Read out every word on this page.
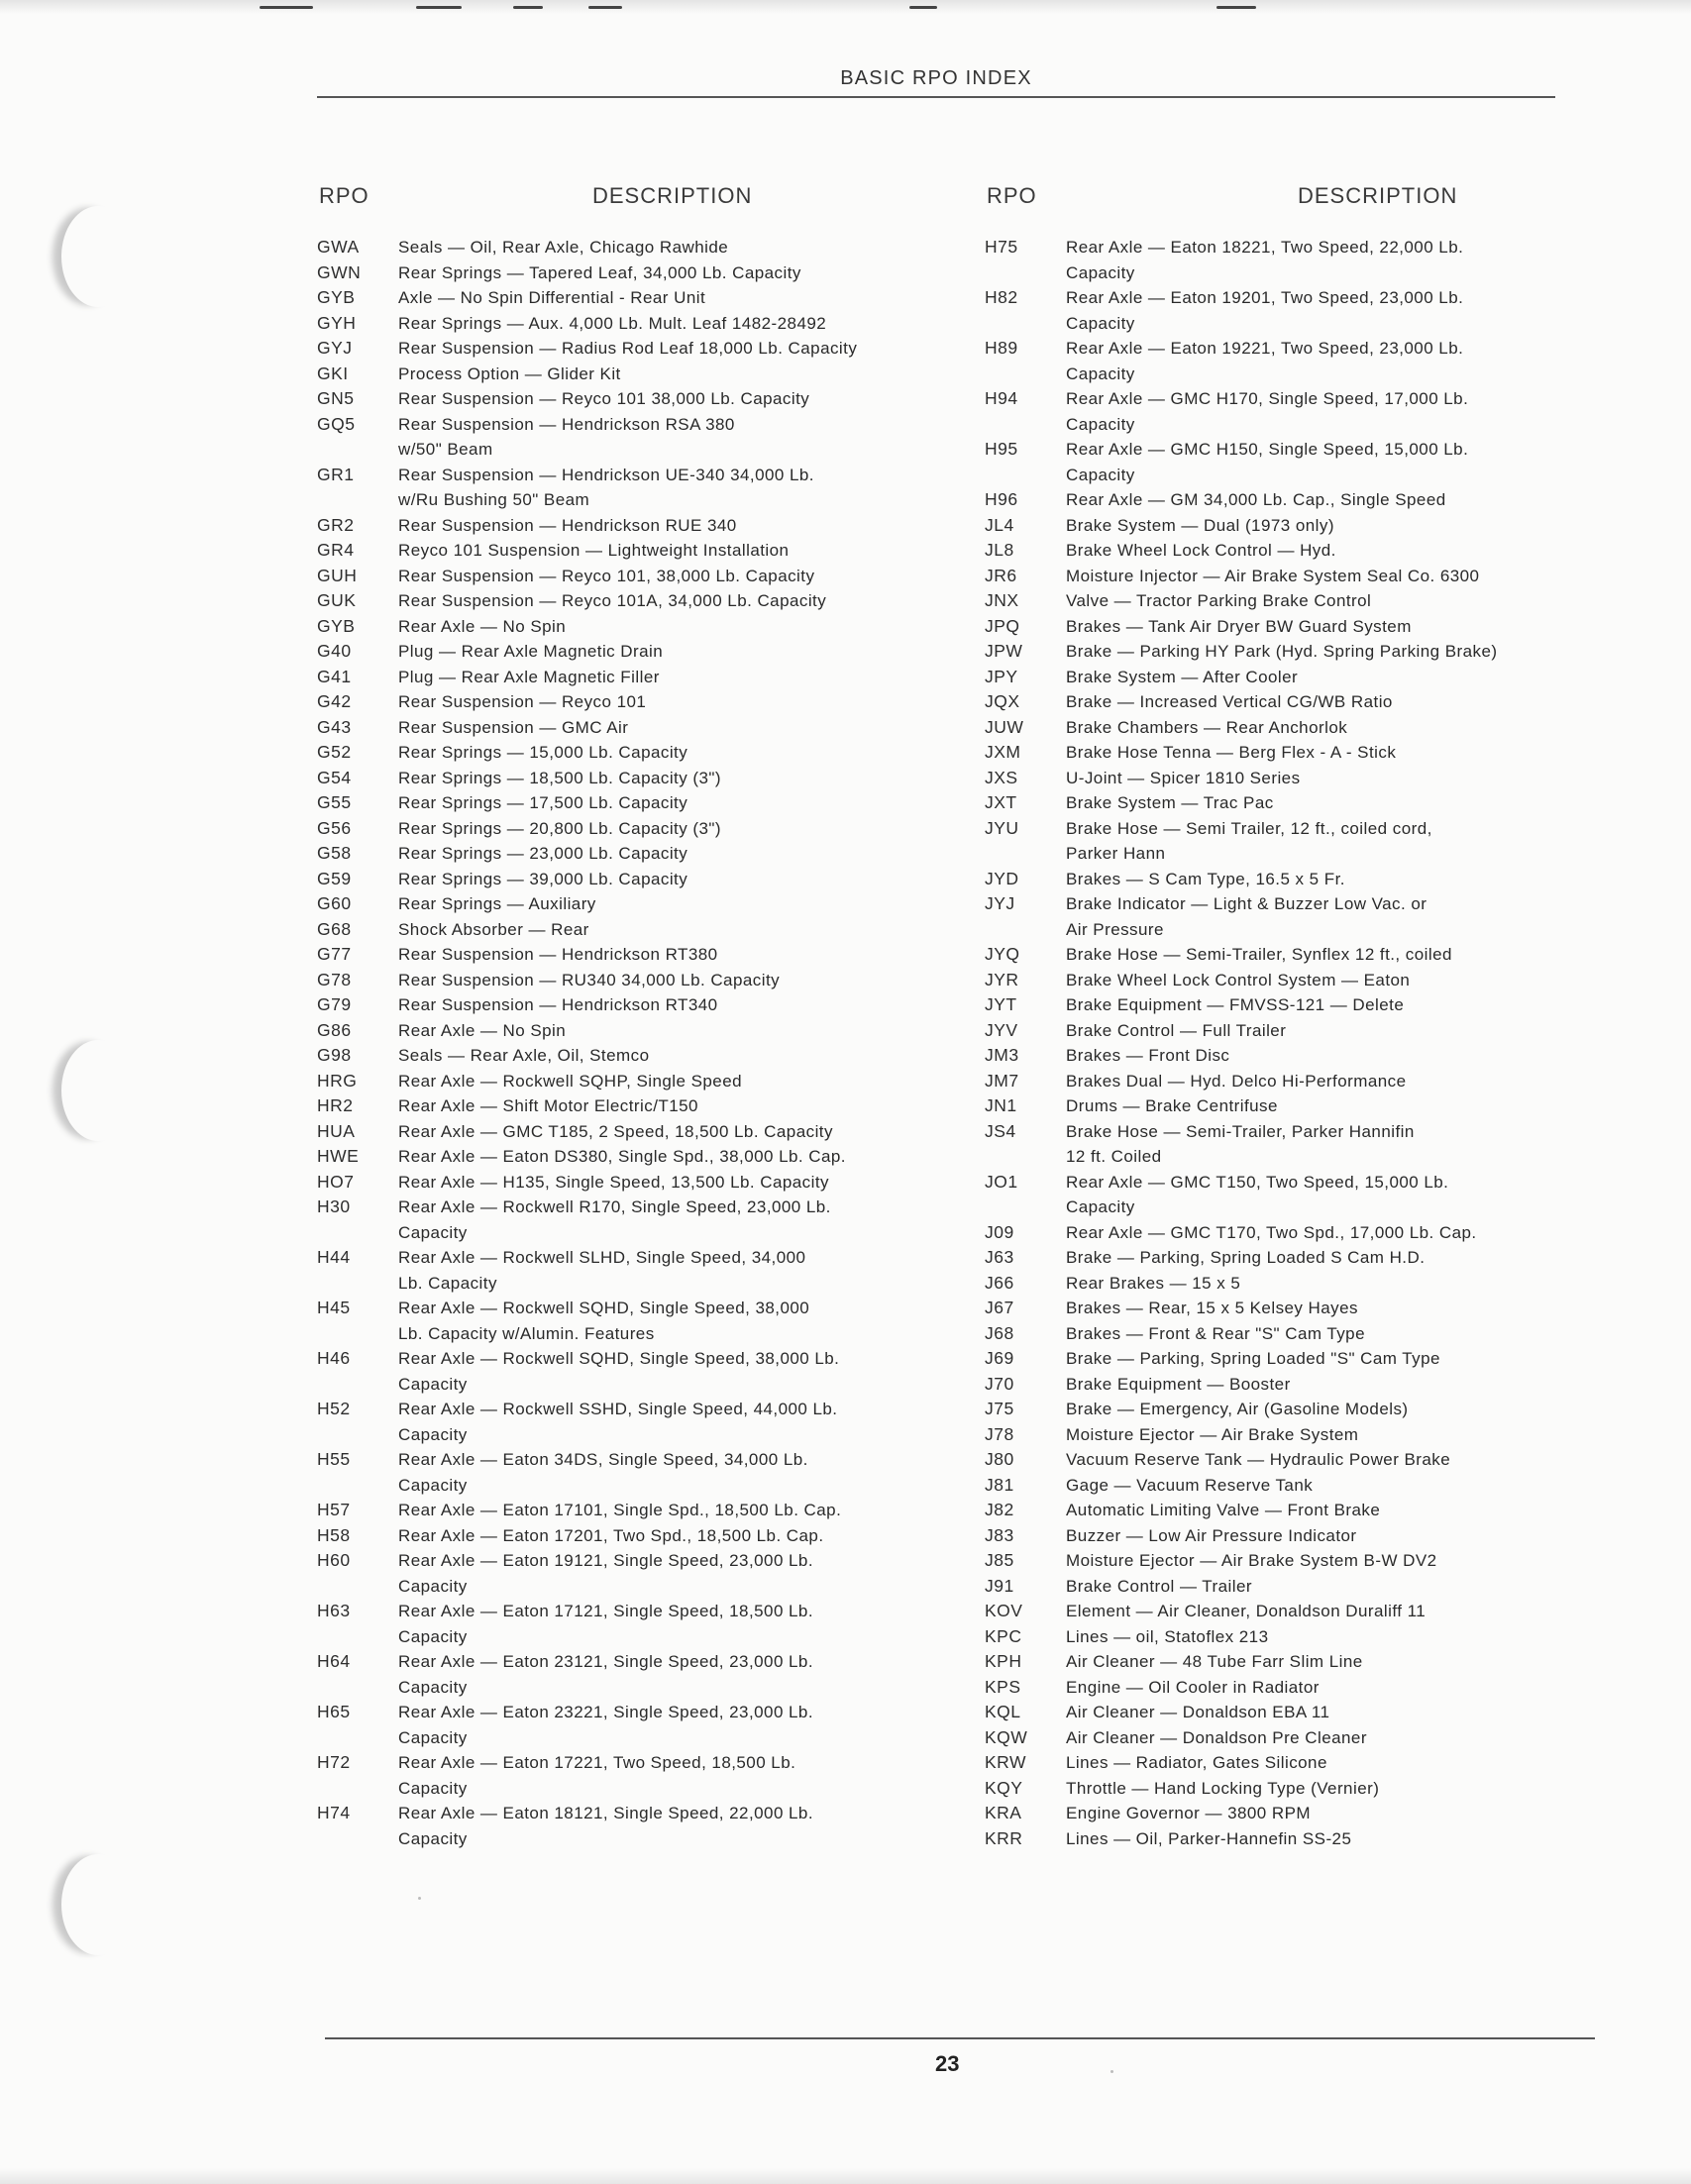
BASIC RPO INDEX
RPO	DESCRIPTION	RPO	DESCRIPTION
GWA	Seals — Oil, Rear Axle, Chicago Rawhide
GWN	Rear Springs — Tapered Leaf, 34,000 Lb. Capacity
GYB	Axle — No Spin Differential - Rear Unit
GYH	Rear Springs — Aux. 4,000 Lb. Mult. Leaf 1482-28492
GYJ	Rear Suspension — Radius Rod Leaf 18,000 Lb. Capacity
GKI	Process Option — Glider Kit
GN5	Rear Suspension — Reyco 101 38,000 Lb. Capacity
GQ5	Rear Suspension — Hendrickson RSA 380
w/50" Beam
GR1	Rear Suspension — Hendrickson UE-340 34,000 Lb.
w/Ru Bushing 50" Beam
GR2	Rear Suspension — Hendrickson RUE 340
GR4	Reyco 101 Suspension — Lightweight Installation
GUH	Rear Suspension — Reyco 101, 38,000 Lb. Capacity
GUK	Rear Suspension — Reyco 101A, 34,000 Lb. Capacity
GYB	Rear Axle — No Spin
G40	Plug — Rear Axle Magnetic Drain
G41	Plug — Rear Axle Magnetic Filler
G42	Rear Suspension — Reyco 101
G43	Rear Suspension — GMC Air
G52	Rear Springs — 15,000 Lb. Capacity
G54	Rear Springs — 18,500 Lb. Capacity (3")
G55	Rear Springs — 17,500 Lb. Capacity
G56	Rear Springs — 20,800 Lb. Capacity (3")
G58	Rear Springs — 23,000 Lb. Capacity
G59	Rear Springs — 39,000 Lb. Capacity
G60	Rear Springs — Auxiliary
G68	Shock Absorber — Rear
G77	Rear Suspension — Hendrickson RT380
G78	Rear Suspension — RU340 34,000 Lb. Capacity
G79	Rear Suspension — Hendrickson RT340
G86	Rear Axle — No Spin
G98	Seals — Rear Axle, Oil, Stemco
HRG	Rear Axle — Rockwell SQHP, Single Speed
HR2	Rear Axle — Shift Motor Electric/T150
HUA	Rear Axle — GMC T185, 2 Speed, 18,500 Lb. Capacity
HWE	Rear Axle — Eaton DS380, Single Spd., 38,000 Lb. Cap.
HO7	Rear Axle — H135, Single Speed, 13,500 Lb. Capacity
H30	Rear Axle — Rockwell R170, Single Speed, 23,000 Lb.
Capacity
H44	Rear Axle — Rockwell SLHD, Single Speed, 34,000
Lb. Capacity
H45	Rear Axle — Rockwell SQHD, Single Speed, 38,000
Lb. Capacity w/Alumin. Features
H46	Rear Axle — Rockwell SQHD, Single Speed, 38,000 Lb.
Capacity
H52	Rear Axle — Rockwell SSHD, Single Speed, 44,000 Lb.
Capacity
H55	Rear Axle — Eaton 34DS, Single Speed, 34,000 Lb.
Capacity
H57	Rear Axle — Eaton 17101, Single Spd., 18,500 Lb. Cap.
H58	Rear Axle — Eaton 17201, Two Spd., 18,500 Lb. Cap.
H60	Rear Axle — Eaton 19121, Single Speed, 23,000 Lb.
Capacity
H63	Rear Axle — Eaton 17121, Single Speed, 18,500 Lb.
Capacity
H64	Rear Axle — Eaton 23121, Single Speed, 23,000 Lb.
Capacity
H65	Rear Axle — Eaton 23221, Single Speed, 23,000 Lb.
Capacity
H72	Rear Axle — Eaton 17221, Two Speed, 18,500 Lb.
Capacity
H74	Rear Axle — Eaton 18121, Single Speed, 22,000 Lb.
Capacity
H75	Rear Axle — Eaton 18221, Two Speed, 22,000 Lb.
Capacity
H82	Rear Axle — Eaton 19201, Two Speed, 23,000 Lb.
Capacity
H89	Rear Axle — Eaton 19221, Two Speed, 23,000 Lb.
Capacity
H94	Rear Axle — GMC H170, Single Speed, 17,000 Lb.
Capacity
H95	Rear Axle — GMC H150, Single Speed, 15,000 Lb.
Capacity
H96	Rear Axle — GM 34,000 Lb. Cap., Single Speed
JL4	Brake System — Dual (1973 only)
JL8	Brake Wheel Lock Control — Hyd.
JR6	Moisture Injector — Air Brake System Seal Co. 6300
JNX	Valve — Tractor Parking Brake Control
JPQ	Brakes — Tank Air Dryer BW Guard System
JPW	Brake — Parking HY Park (Hyd. Spring Parking Brake)
JPY	Brake System — After Cooler
JQX	Brake — Increased Vertical CG/WB Ratio
JUW	Brake Chambers — Rear Anchorlok
JXM	Brake Hose Tenna — Berg Flex - A - Stick
JXS	U-Joint — Spicer 1810 Series
JXT	Brake System — Trac Pac
JYU	Brake Hose — Semi Trailer, 12 ft., coiled cord,
Parker Hann
JYD	Brakes — S Cam Type, 16.5 x 5 Fr.
JYJ	Brake Indicator — Light & Buzzer Low Vac. or
Air Pressure
JYQ	Brake Hose — Semi-Trailer, Synflex 12 ft., coiled
JYR	Brake Wheel Lock Control System — Eaton
JYT	Brake Equipment — FMVSS-121 — Delete
JYV	Brake Control — Full Trailer
JM3	Brakes — Front Disc
JM7	Brakes Dual — Hyd. Delco Hi-Performance
JN1	Drums — Brake Centrifuse
JS4	Brake Hose — Semi-Trailer, Parker Hannifin
12 ft. Coiled
JO1	Rear Axle — GMC T150, Two Speed, 15,000 Lb.
Capacity
J09	Rear Axle — GMC T170, Two Spd., 17,000 Lb. Cap.
J63	Brake — Parking, Spring Loaded S Cam H.D.
J66	Rear Brakes — 15 x 5
J67	Brakes — Rear, 15 x 5 Kelsey Hayes
J68	Brakes — Front & Rear "S" Cam Type
J69	Brake — Parking, Spring Loaded "S" Cam Type
J70	Brake Equipment — Booster
J75	Brake — Emergency, Air (Gasoline Models)
J78	Moisture Ejector — Air Brake System
J80	Vacuum Reserve Tank — Hydraulic Power Brake
J81	Gage — Vacuum Reserve Tank
J82	Automatic Limiting Valve — Front Brake
J83	Buzzer — Low Air Pressure Indicator
J85	Moisture Ejector — Air Brake System B-W DV2
J91	Brake Control — Trailer
KOV	Element — Air Cleaner, Donaldson Duraliff 11
KPC	Lines — oil, Statoflex 213
KPH	Air Cleaner — 48 Tube Farr Slim Line
KPS	Engine — Oil Cooler in Radiator
KQL	Air Cleaner — Donaldson EBA 11
KQW	Air Cleaner — Donaldson Pre Cleaner
KRW	Lines — Radiator, Gates Silicone
KQY	Throttle — Hand Locking Type (Vernier)
KRA	Engine Governor — 3800 RPM
KRR	Lines — Oil, Parker-Hannefin SS-25
23
